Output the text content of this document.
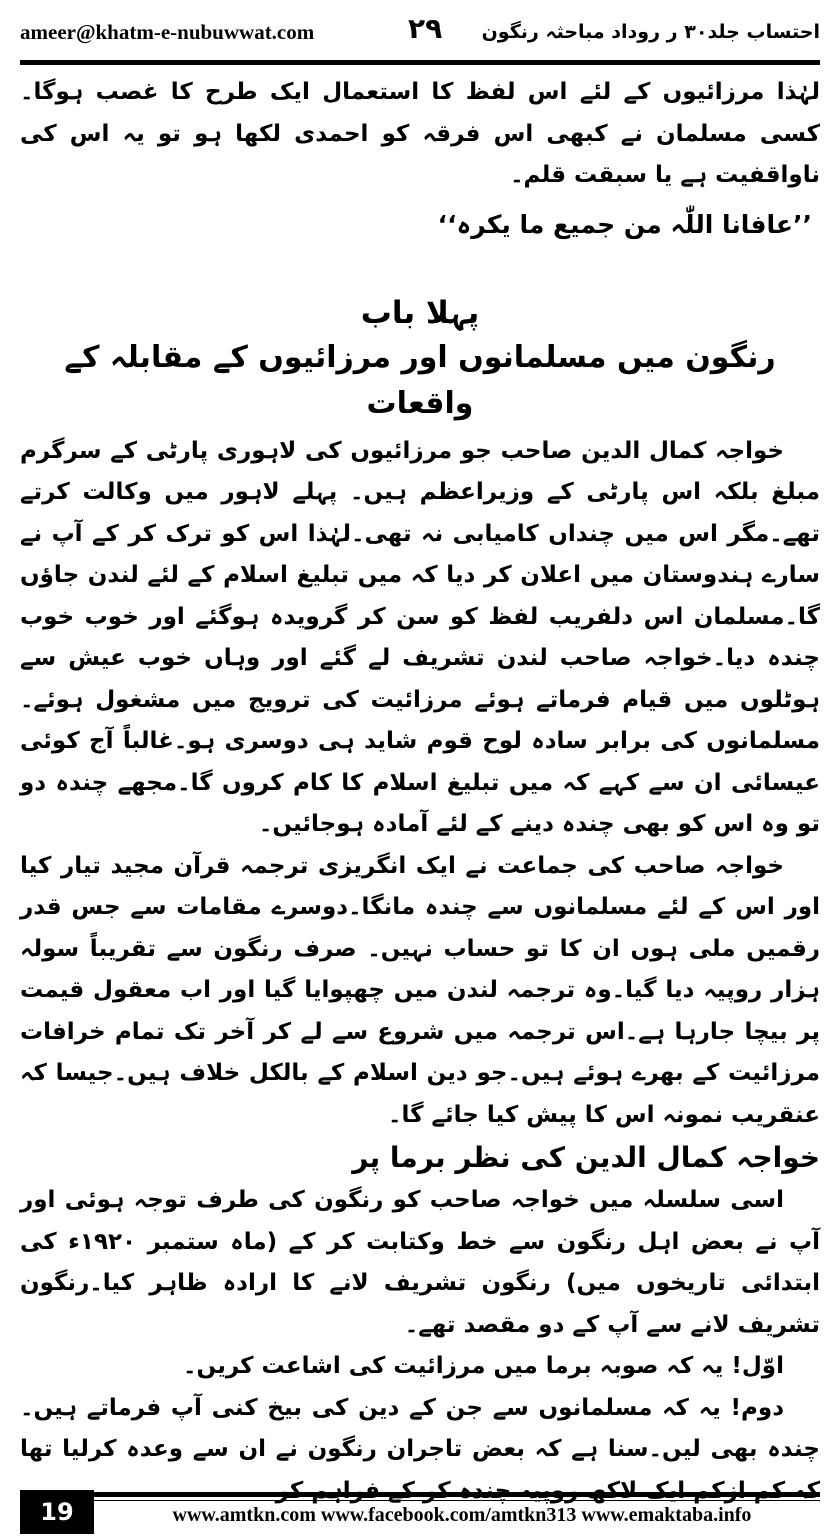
ameer@khatm-e-nubuwwat.com	۲۹ احتساب جلد۳۰ ر روداد مباحثہ رنگون

لہٰذا مرزائیوں کے لئے اس لفظ کا استعمال ایک طرح کا غصب ہوگا۔کسی مسلمان نے کبھی اس فرقہ کو احمدی لکھا ہو تو یہ اس کی ناواقفیت ہے یا سبقت قلم۔

’’عافانا اللّٰہ من جمیع ما یکرہ‘‘

پہلا باب
رنگون میں مسلمانوں اور مرزائیوں کے مقابلہ کے واقعات

خواجہ کمال الدین صاحب جو مرزائیوں کی لاہوری پارٹی کے سرگرم مبلغ بلکہ اس پارٹی کے وزیراعظم ہیں۔ پہلے لاہور میں وکالت کرتے تھے۔مگر اس میں چنداں کامیابی نہ تھی۔لہٰذا اس کو ترک کر کے آپ نے سارے ہندوستان میں اعلان کر دیا کہ میں تبلیغ اسلام کے لئے لندن جاؤں گا۔مسلمان اس دلفریب لفظ کو سن کر گرویدہ ہوگئے اور خوب خوب چندہ دیا۔خواجہ صاحب لندن تشریف لے گئے اور وہاں خوب عیش سے ہوٹلوں میں قیام فرماتے ہوئے مرزائیت کی ترویج میں مشغول ہوئے۔مسلمانوں کی برابر سادہ لوح قوم شاید ہی دوسری ہو۔غالباً آج کوئی عیسائی ان سے کہے کہ میں تبلیغ اسلام کا کام کروں گا۔مجھے چندہ دو تو وہ اس کو بھی چندہ دینے کے لئے آمادہ ہوجائیں۔

خواجہ صاحب کی جماعت نے ایک انگریزی ترجمہ قرآن مجید تیار کیا اور اس کے لئے مسلمانوں سے چندہ مانگا۔دوسرے مقامات سے جس قدر رقمیں ملی ہوں ان کا تو حساب نہیں۔ صرف رنگون سے تقریباً سولہ ہزار روپیہ دیا گیا۔وہ ترجمہ لندن میں چھپوایا گیا اور اب معقول قیمت پر بیچا جارہا ہے۔اس ترجمہ میں شروع سے لے کر آخر تک تمام خرافات مرزائیت کے بھرے ہوئے ہیں۔جو دین اسلام کے بالکل خلاف ہیں۔جیسا کہ عنقریب نمونہ اس کا پیش کیا جائے گا۔

خواجہ کمال الدین کی نظر برما پر

اسی سلسلہ میں خواجہ صاحب کو رنگون کی طرف توجہ ہوئی اور آپ نے بعض اہل رنگون سے خط وکتابت کر کے (ماہ ستمبر ۱۹۲۰ء کی ابتدائی تاریخوں میں) رنگون تشریف لانے کا ارادہ ظاہر کیا۔رنگون تشریف لانے سے آپ کے دو مقصد تھے۔

اوّل! یہ کہ صوبہ برما میں مرزائیت کی اشاعت کریں۔

دوم! یہ کہ مسلمانوں سے جن کے دین کی بیخ کنی آپ فرماتے ہیں۔چندہ بھی لیں۔سنا ہے کہ بعض تاجران رنگون نے ان سے وعدہ کرلیا تھا کہ کم ازکم ایک لاکھ روپیہ چندہ کر کے فراہم کر

19	www.amtkn.com www.facebook.com/amtkn313 www.emaktaba.info
